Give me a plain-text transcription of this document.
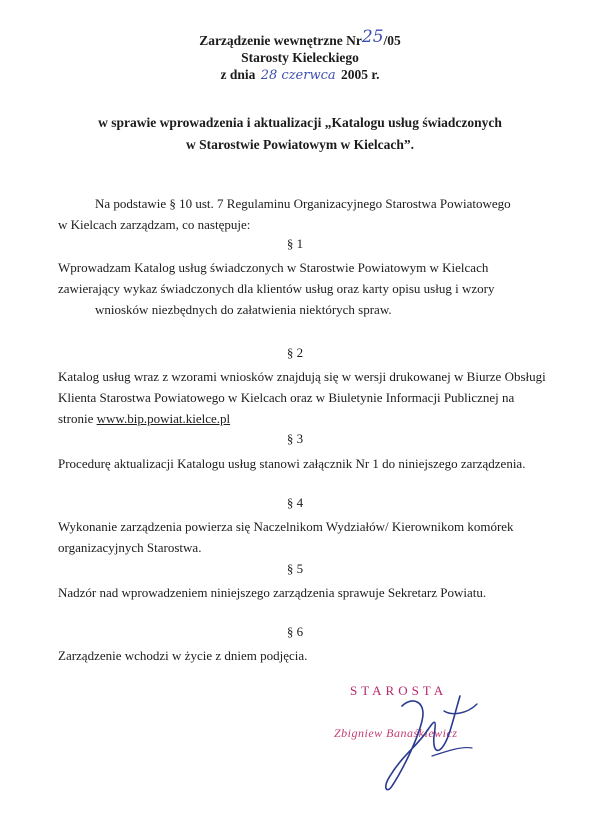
Zarządzenie wewnętrzne Nr25/05
Starosty Kieleckiego
z dnia 28 czerwca 2005 r.
w sprawie wprowadzenia i aktualizacji „Katalogu usług świadczonych
w Starostwie Powiatowym w Kielcach”.
Na podstawie § 10 ust. 7 Regulaminu Organizacyjnego Starostwa Powiatowego
w Kielcach zarządzam, co następuje:
§ 1
Wprowadzam Katalog usług świadczonych w Starostwie Powiatowym w Kielcach
zawierający wykaz świadczonych dla klientów usług oraz karty opisu usług i wzory
wniosków niezbędnych do załatwienia niektórych spraw.
§ 2
Katalog usług wraz z wzorami wniosków znajdują się w wersji drukowanej w Biurze Obsługi
Klienta Starostwa Powiatowego w Kielcach oraz w Biuletynie Informacji Publicznej na
stronie www.bip.powiat.kielce.pl
§ 3
Procedurę aktualizacji Katalogu usług stanowi załącznik Nr 1 do niniejszego zarządzenia.
§ 4
Wykonanie zarządzenia powierza się Naczelnikom Wydziałów/ Kierownikom komórek
organizacyjnych Starostwa.
§ 5
Nadzór nad wprowadzeniem niniejszego zarządzenia sprawuje Sekretarz Powiatu.
§ 6
Zarządzenie wchodzi w życie z dniem podjęcia.
STAROSTA
Zbigniew Banaśkiewicz
